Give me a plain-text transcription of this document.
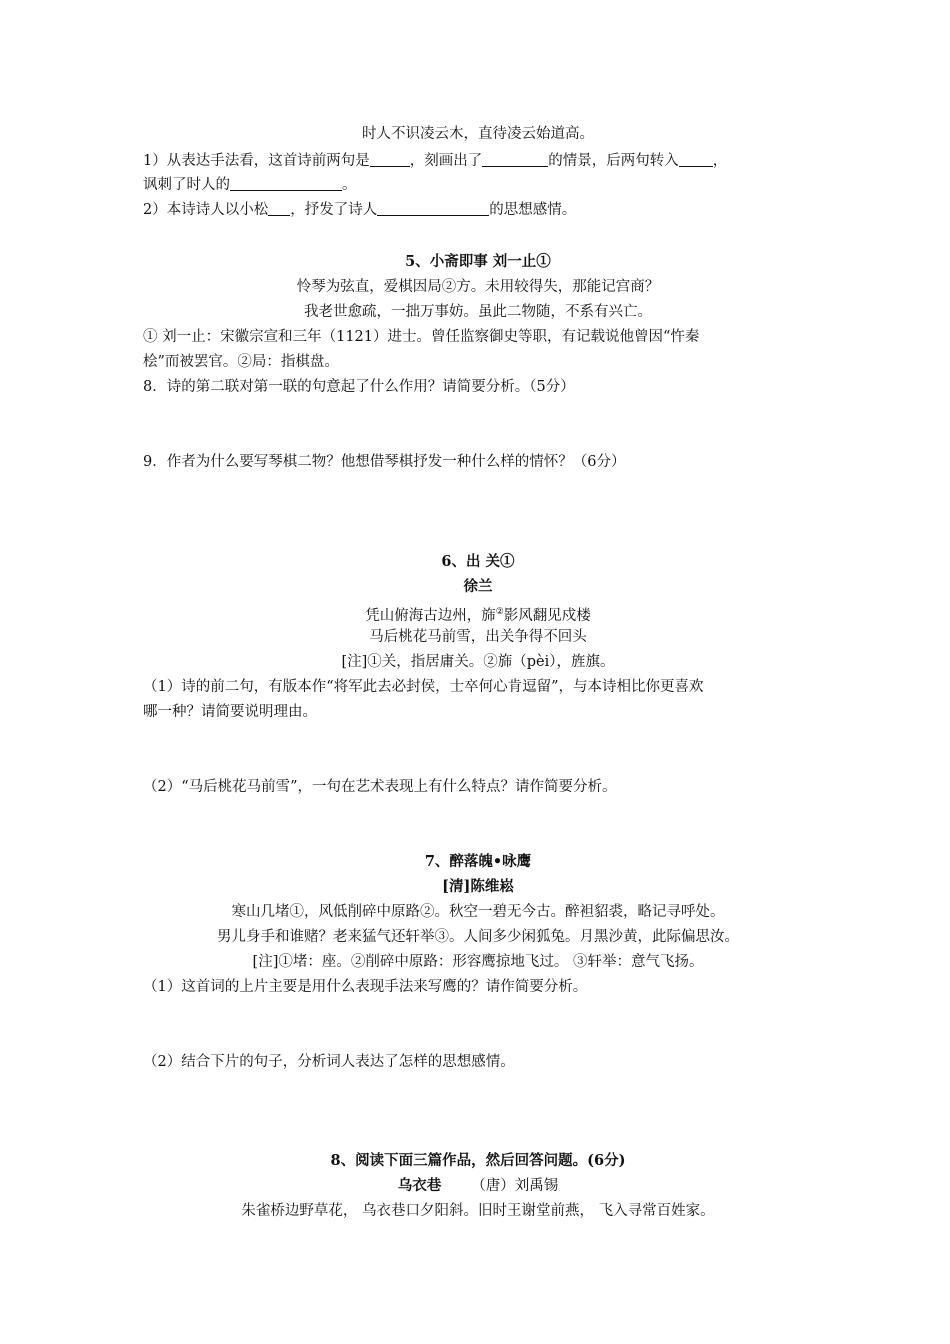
时人不识凌云木，直待凌云始道高。
1）从表达手法看，这首诗前两句是	，刻画出了	的情景，后两句转入 ，
讽刺了时人的	。
2）本诗诗人以小松 ，抒发了诗人	的思想感情。
5、小斋即事 刘一止①
怜琴为弦直，爱棋因局②方。未用较得失，那能记宫商？
我老世愈疏，一拙万事妨。虽此二物随，不系有兴亡。
① 刘一止：宋徽宗宣和三年（1121）进士。曾任监察御史等职，有记载说他曾因“忤秦
桧”而被罢官。②局：指棋盘。
8．诗的第二联对第一联的句意起了什么作用？请简要分析。（5分）
9．作者为什么要写琴棋二物？他想借琴棋抒发一种什么样的情怀？（6分）
6、出 关①
徐兰
凭山俯海古边州，旆②影风翻见戍楼
马后桃花马前雪，出关争得不回头
[注]①关，指居庸关。②旆（pèi），旌旗。
（1）诗的前二句，有版本作“将军此去必封侯，士卒何心肯逗留”，与本诗相比你更喜欢
哪一种？请简要说明理由。
（2）“马后桃花马前雪”，一句在艺术表现上有什么特点？请作简要分析。
7、醉落魄•咏鹰
[清]陈维崧
寒山几堵①，风低削碎中原路②。秋空一碧无今古。醉袒貂裘，略记寻呼处。
男儿身手和谁赌？老来猛气还轩举③。人间多少闲狐兔。月黑沙黄，此际偏思汝。
[注]①堵：座。②削碎中原路：形容鹰掠地飞过。 ③轩举：意气飞扬。
（1）这首词的上片主要是用什么表现手法来写鹰的？请作简要分析。
（2）结合下片的句子，分析词人表达了怎样的思想感情。
8、阅读下面三篇作品，然后回答问题。(6分)
乌衣巷 （唐）刘禹锡
朱雀桥边野草花， 乌衣巷口夕阳斜。旧时王谢堂前燕， 飞入寻常百姓家。
